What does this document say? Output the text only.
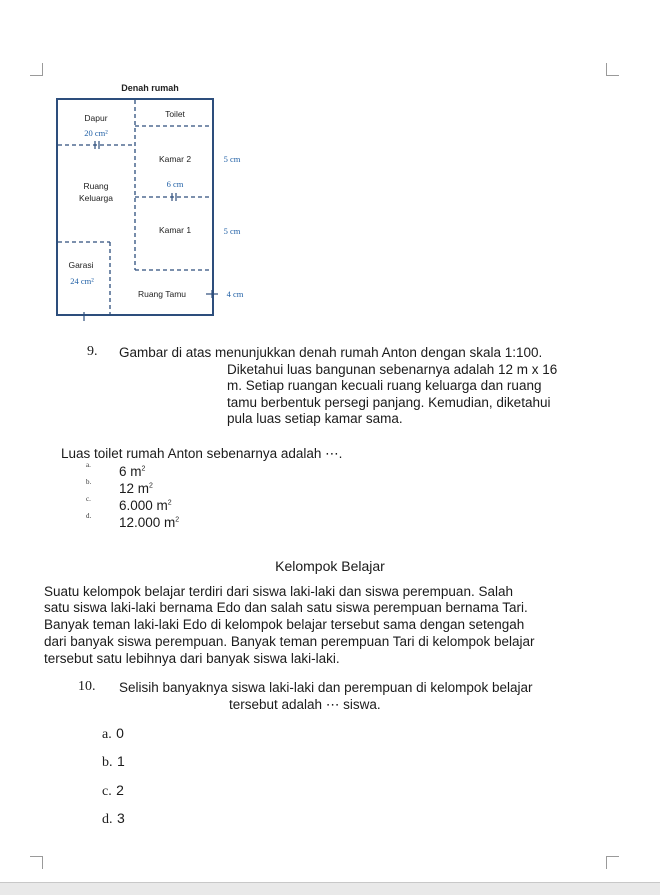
Denah rumah
Dapur	Toilet
Kamar 2
Ruang
Keluarga
Kamar 1
Garasi
Ruang Tamu
20 cm²
6 cm
24 cm²
5 cm
5 cm
4 cm
9. Gambar di atas menunjukkan denah rumah Anton dengan skala 1:100.
Diketahui luas bangunan sebenarnya adalah 12 m x 16
m. Setiap ruangan kecuali ruang keluarga dan ruang
tamu berbentuk persegi panjang. Kemudian, diketahui
pula luas setiap kamar sama.
Luas toilet rumah Anton sebenarnya adalah ⋯.
a. 6 $m^2$
b. 12 $m^2$
c. 6.000 $m^2$
d. 12.000 $m^2$
Kelompok Belajar
Suatu kelompok belajar terdiri dari siswa laki-laki dan siswa perempuan. Salah
satu siswa laki-laki bernama Edo dan salah satu siswa perempuan bernama Tari.
Banyak teman laki-laki Edo di kelompok belajar tersebut sama dengan setengah
dari banyak siswa perempuan. Banyak teman perempuan Tari di kelompok belajar
tersebut satu lebihnya dari banyak siswa laki-laki.
10. Selisih banyaknya siswa laki-laki dan perempuan di kelompok belajar
tersebut adalah ⋯ siswa.
a. 0
b. 1
c. 2
d. 3
